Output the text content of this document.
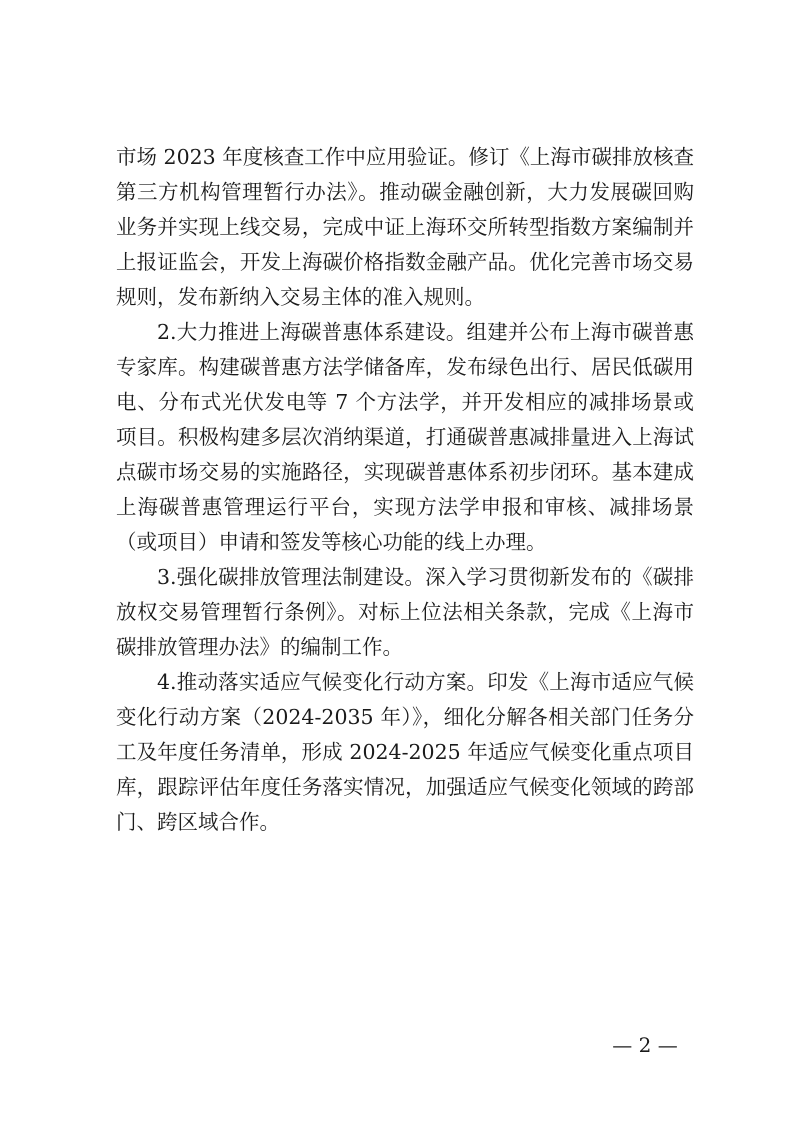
市场 2023 年度核查工作中应用验证。修订《上海市碳排放核查第三方机构管理暂行办法》。推动碳金融创新，大力发展碳回购业务并实现上线交易，完成中证上海环交所转型指数方案编制并上报证监会，开发上海碳价格指数金融产品。优化完善市场交易规则，发布新纳入交易主体的准入规则。

2.大力推进上海碳普惠体系建设。组建并公布上海市碳普惠专家库。构建碳普惠方法学储备库，发布绿色出行、居民低碳用电、分布式光伏发电等 7 个方法学，并开发相应的减排场景或项目。积极构建多层次消纳渠道，打通碳普惠减排量进入上海试点碳市场交易的实施路径，实现碳普惠体系初步闭环。基本建成上海碳普惠管理运行平台，实现方法学申报和审核、减排场景（或项目）申请和签发等核心功能的线上办理。

3.强化碳排放管理法制建设。深入学习贯彻新发布的《碳排放权交易管理暂行条例》。对标上位法相关条款，完成《上海市碳排放管理办法》的编制工作。

4.推动落实适应气候变化行动方案。印发《上海市适应气候变化行动方案（2024-2035 年）》，细化分解各相关部门任务分工及年度任务清单，形成 2024-2025 年适应气候变化重点项目库，跟踪评估年度任务落实情况，加强适应气候变化领域的跨部门、跨区域合作。

— 2 —
